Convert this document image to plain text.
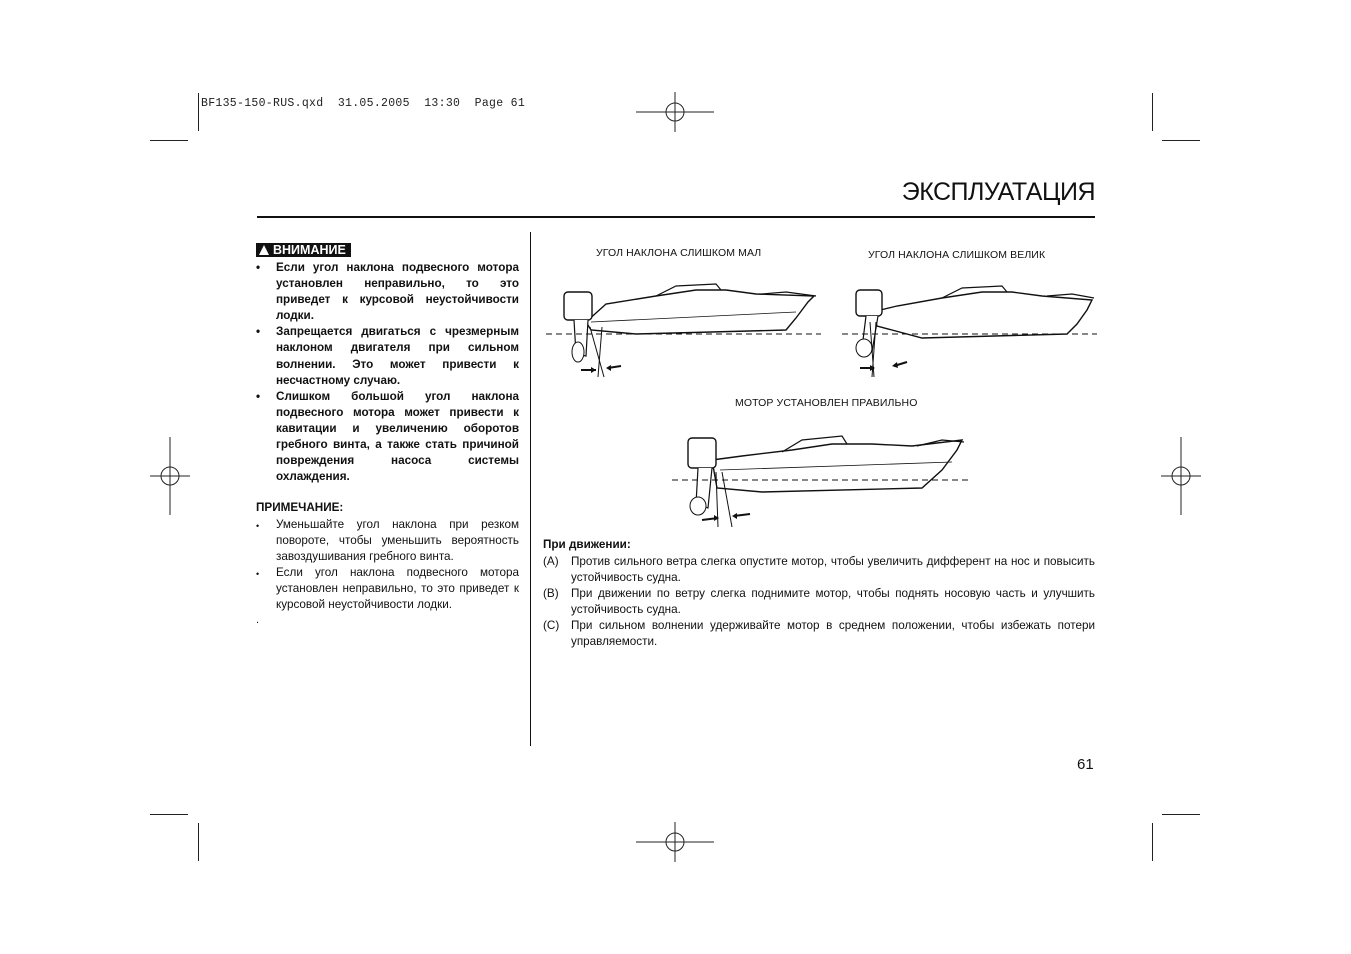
BF135-150-RUS.qxd  31.05.2005  13:30  Page 61
ЭКСПЛУАТАЦИЯ
ВНИМАНИЕ
•	Если угол наклона подвесного мотора установлен неправильно, то это приведет к курсовой неустойчивости лодки.
•	Запрещается двигаться с чрезмерным наклоном двигателя при сильном волнении. Это может привести к несчастному случаю.
•	Слишком большой угол наклона подвесного мотора может привести к кавитации и увеличению оборотов гребного винта, а также стать причиной повреждения насоса системы охлаждения.
ПРИМЕЧАНИЕ:
•	Уменьшайте угол наклона при резком повороте, чтобы уменьшить вероятность завоздушивания гребного винта.
•	Если угол наклона подвесного мотора установлен неправильно, то это приведет к курсовой неустойчивости лодки.
.
УГОЛ НАКЛОНА СЛИШКОМ МАЛ	УГОЛ НАКЛОНА СЛИШКОМ ВЕЛИК
МОТОР УСТАНОВЛЕН ПРАВИЛЬНО
При движении:
(A)	Против сильного ветра слегка опустите мотор, чтобы увеличить дифферент на нос и повысить устойчивость судна.
(B)	При движении по ветру слегка поднимите мотор, чтобы поднять носовую часть и улучшить устойчивость судна.
(C)	При сильном волнении удерживайте мотор в среднем положении, чтобы избежать потери управляемости.
61
